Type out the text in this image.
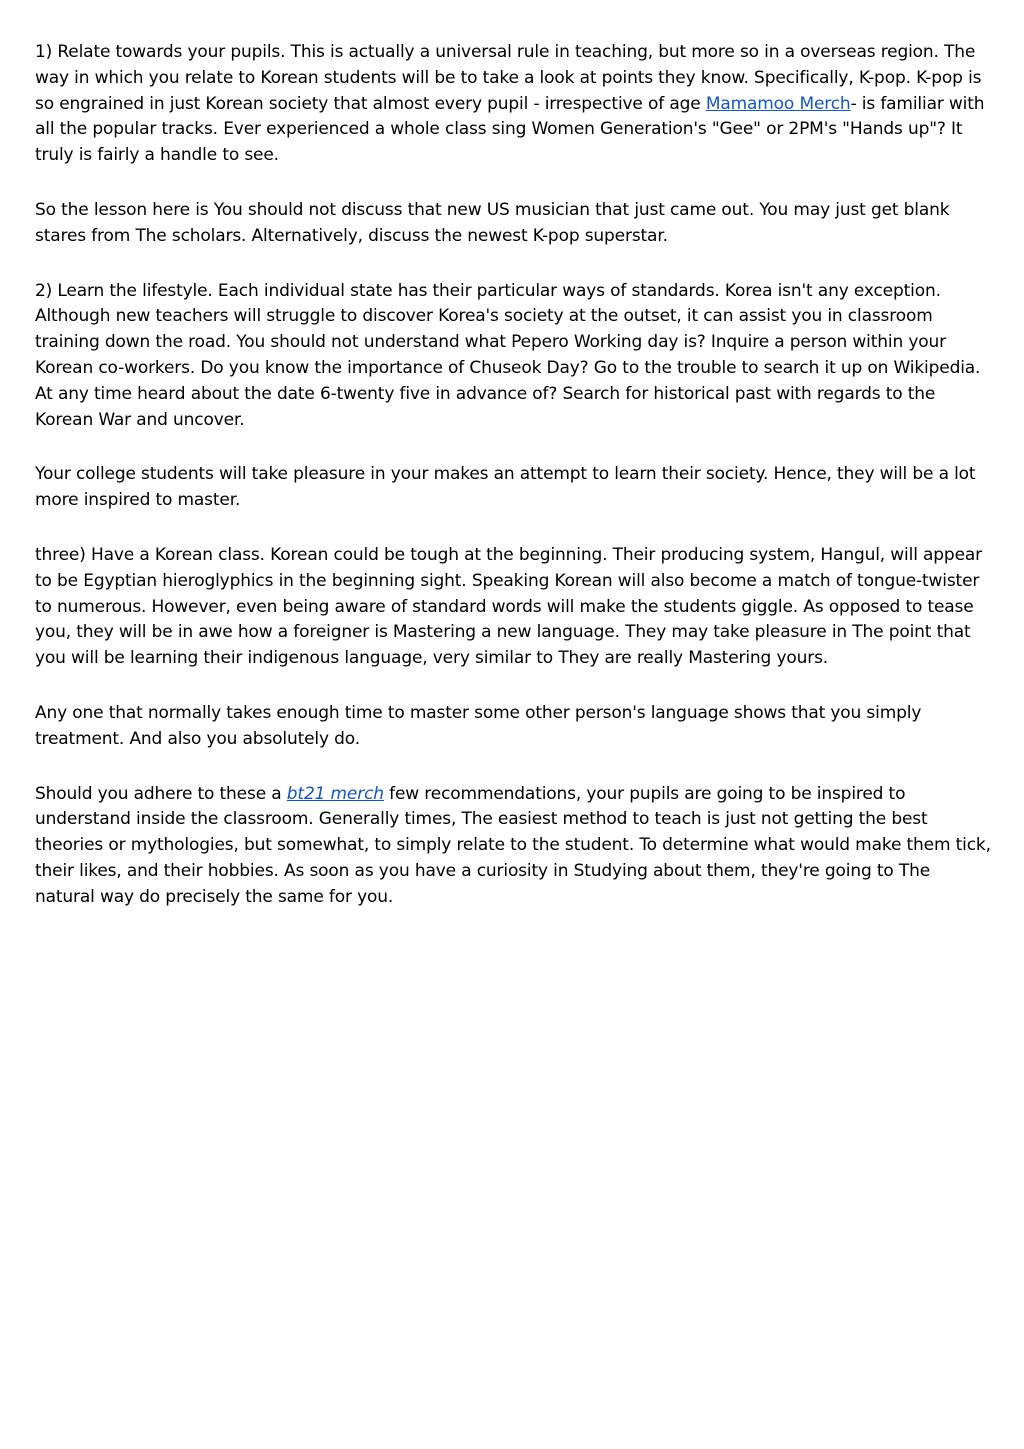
1) Relate towards your pupils. This is actually a universal rule in teaching, but more so in a overseas region. The way in which you relate to Korean students will be to take a look at points they know. Specifically, K-pop. K-pop is so engrained in just Korean society that almost every pupil - irrespective of age Mamamoo Merch- is familiar with all the popular tracks. Ever experienced a whole class sing Women Generation's "Gee" or 2PM's "Hands up"? It truly is fairly a handle to see.

So the lesson here is You should not discuss that new US musician that just came out. You may just get blank stares from The scholars. Alternatively, discuss the newest K-pop superstar.

2) Learn the lifestyle. Each individual state has their particular ways of standards. Korea isn't any exception. Although new teachers will struggle to discover Korea's society at the outset, it can assist you in classroom training down the road. You should not understand what Pepero Working day is? Inquire a person within your Korean co-workers. Do you know the importance of Chuseok Day? Go to the trouble to search it up on Wikipedia. At any time heard about the date 6-twenty five in advance of? Search for historical past with regards to the Korean War and uncover.

Your college students will take pleasure in your makes an attempt to learn their society. Hence, they will be a lot more inspired to master.

three) Have a Korean class. Korean could be tough at the beginning. Their producing system, Hangul, will appear to be Egyptian hieroglyphics in the beginning sight. Speaking Korean will also become a match of tongue-twister to numerous. However, even being aware of standard words will make the students giggle. As opposed to tease you, they will be in awe how a foreigner is Mastering a new language. They may take pleasure in The point that you will be learning their indigenous language, very similar to They are really Mastering yours.

Any one that normally takes enough time to master some other person's language shows that you simply treatment. And also you absolutely do.

Should you adhere to these a bt21 merch few recommendations, your pupils are going to be inspired to understand inside the classroom. Generally times, The easiest method to teach is just not getting the best theories or mythologies, but somewhat, to simply relate to the student. To determine what would make them tick, their likes, and their hobbies. As soon as you have a curiosity in Studying about them, they're going to The natural way do precisely the same for you.
